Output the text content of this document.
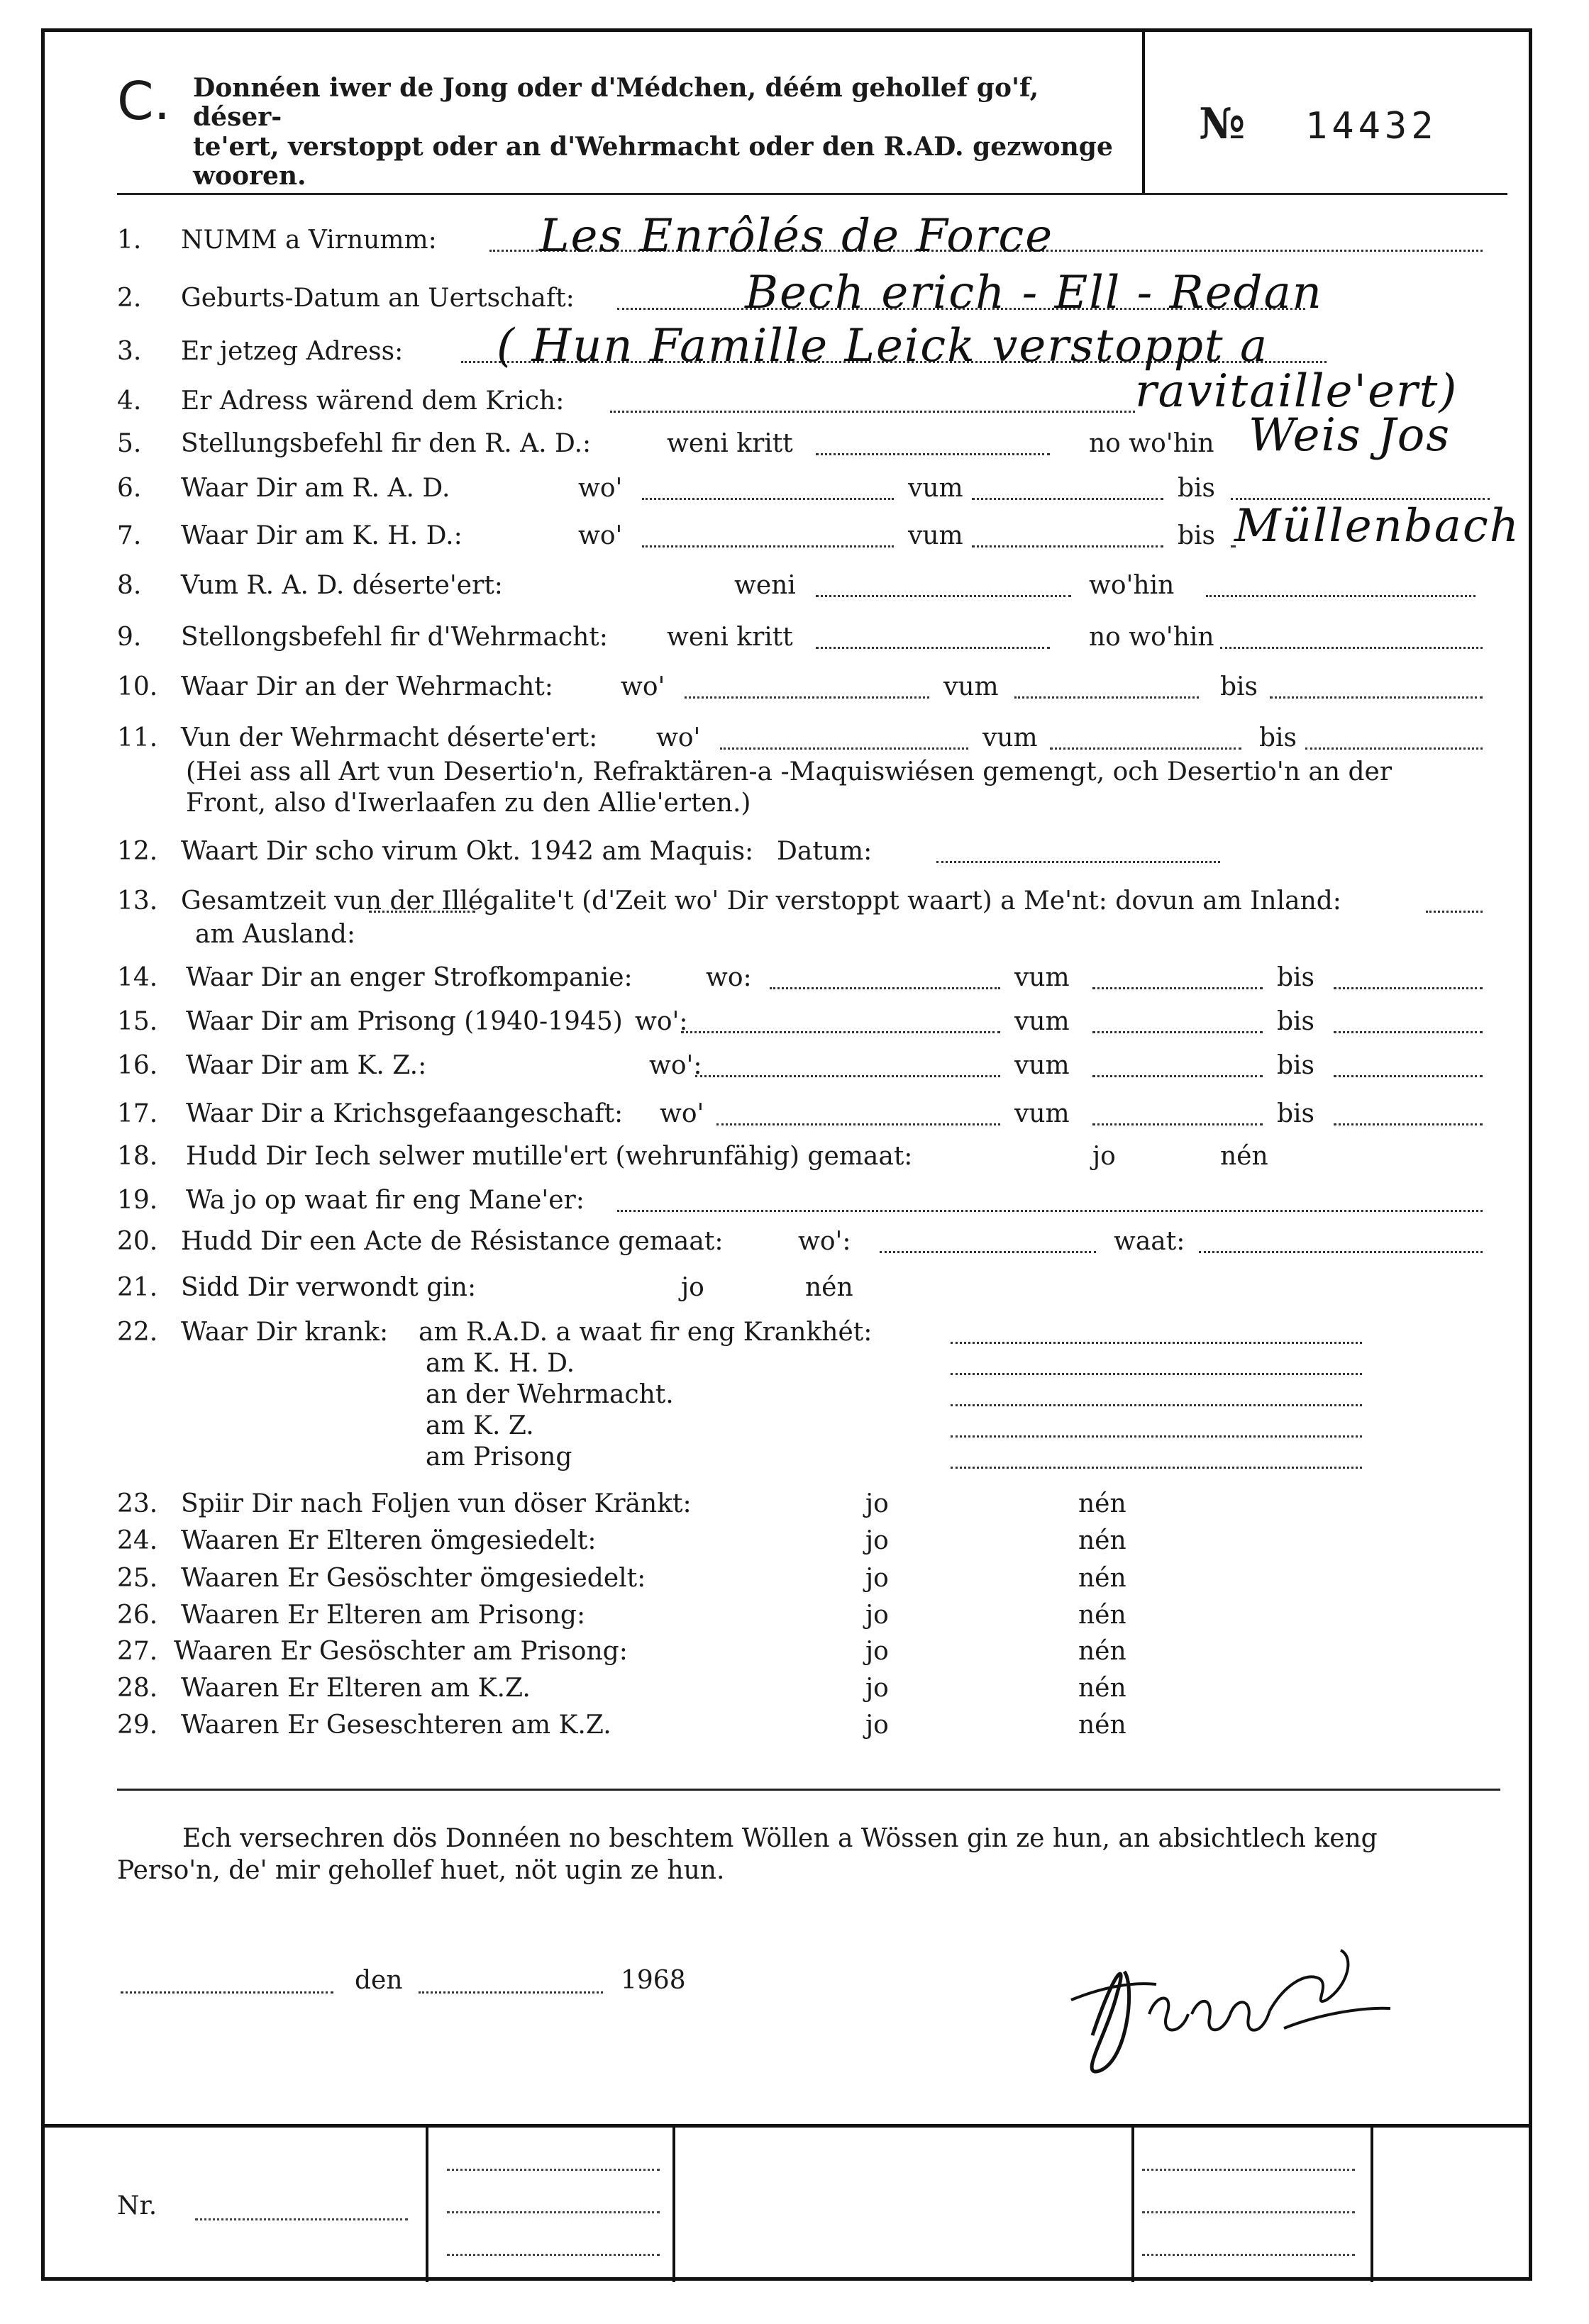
C. Donnéen iwer de Jong oder d'Médchen, déém gehollef go'f, déser-
te'ert, verstoppt oder an d'Wehrmacht oder den R.AD. gezwonge
wooren.
№ 14432
1. NUMM a Virnumm: Les Enrôlés de Force
2. Geburts-Datum an Uertschaft:	Bech erich - Ell - Redan
3. Er jetzeg Adress: ( Hun Famille Leick verstoppt a
4. Er Adress wärend dem Krich:	ravitaille'ert)
5. Stellungsbefehl fir den R. A. D.:	weni kritt	no wo'hin Weis Jos
6. Waar Dir am R. A. D.	wo'	vum	bis
7. Waar Dir am K. H. D.:	wo'	vum	bis Müllenbach
8. Vum R. A. D. déserte'ert:	weni	wo'hin
9. Stellongsbefehl fir d'Wehrmacht: weni kritt	no wo'hin
10. Waar Dir an der Wehrmacht:	wo'	vum	bis
11. Vun der Wehrmacht déserte'ert: wo'	vum	bis
(Hei ass all Art vun Desertio'n, Refraktären-a -Maquiswiésen gemengt, och Desertio'n an der
Front, also d'Iwerlaafen zu den Allie'erten.)
12. Waart Dir scho virum Okt. 1942 am Maquis: Datum:
13. Gesamtzeit vun der Illégalite't (d'Zeit wo' Dir verstoppt waart) a Me'nt: dovun am Inland:
am Ausland:
14. Waar Dir an enger Strofkompanie:	wo:	vum	bis
15. Waar Dir am Prisong (1940-1945) wo':	vum	bis
16. Waar Dir am K. Z.:	wo':	vum	bis
17. Waar Dir a Krichsgefaangeschaft: wo'	vum	bis
18. Hudd Dir Iech selwer mutille'ert (wehrunfähig) gemaat:	jo	nén
19. Wa jo op waat fir eng Mane'er:
20. Hudd Dir een Acte de Résistance gemaat:	wo':	waat:
21. Sidd Dir verwondt gin:	jo	nén
22. Waar Dir krank: am R.A.D. a waat fir eng Krankhét:
am K. H. D.
an der Wehrmacht.
am K. Z.
am Prisong
23. Spiir Dir nach Foljen vun döser Kränkt:	jo	nén
24. Waaren Er Elteren ömgesiedelt:	jo	nén
25. Waaren Er Gesöschter ömgesiedelt:	jo	nén
26. Waaren Er Elteren am Prisong:	jo	nén
27. Waaren Er Gesöschter am Prisong:	jo	nén
28. Waaren Er Elteren am K.Z.	jo	nén
29. Waaren Er Geseschteren am K.Z.	jo	nén
Ech versechren dös Donnéen no beschtem Wöllen a Wössen gin ze hun, an absichtlech keng
Perso'n, de' mir gehollef huet, nöt ugin ze hun.
den	1968
Nr.
